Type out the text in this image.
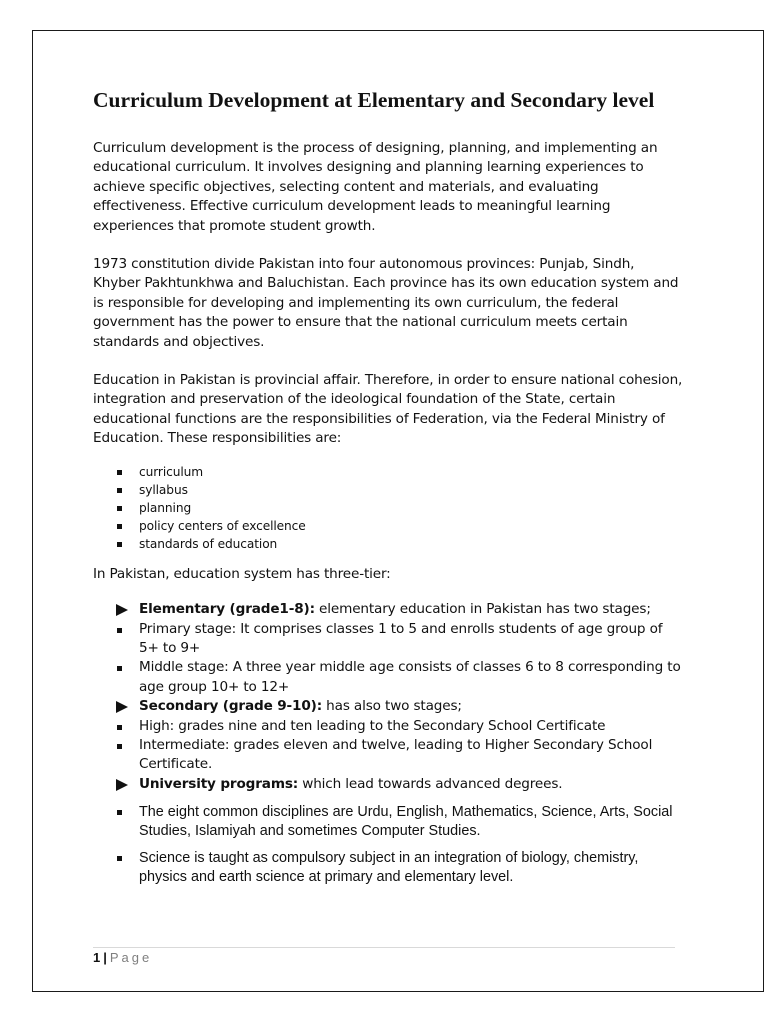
Curriculum Development at Elementary and Secondary level

Curriculum development is the process of designing, planning, and implementing an educational curriculum. It involves designing and planning learning experiences to achieve specific objectives, selecting content and materials, and evaluating effectiveness. Effective curriculum development leads to meaningful learning experiences that promote student growth.

1973 constitution divide Pakistan into four autonomous provinces: Punjab, Sindh, Khyber Pakhtunkhwa and Baluchistan. Each province has its own education system and is responsible for developing and implementing its own curriculum, the federal government has the power to ensure that the national curriculum meets certain standards and objectives.

Education in Pakistan is provincial affair. Therefore, in order to ensure national cohesion, integration and preservation of the ideological foundation of the State, certain educational functions are the responsibilities of Federation, via the Federal Ministry of Education. These responsibilities are:

curriculum
syllabus
planning
policy centers of excellence
standards of education

In Pakistan, education system has three-tier:

Elementary (grade1-8): elementary education in Pakistan has two stages;
Primary stage: It comprises classes 1 to 5 and enrolls students of age group of 5+ to 9+
Middle stage: A three year middle age consists of classes 6 to 8 corresponding to age group 10+ to 12+
Secondary (grade 9-10): has also two stages;
High: grades nine and ten leading to the Secondary School Certificate
Intermediate: grades eleven and twelve, leading to Higher Secondary School Certificate.
University programs: which lead towards advanced degrees.
The eight common disciplines are Urdu, English, Mathematics, Science, Arts, Social Studies, Islamiyah and sometimes Computer Studies.
Science is taught as compulsory subject in an integration of biology, chemistry, physics and earth science at primary and elementary level.
1 | Page
